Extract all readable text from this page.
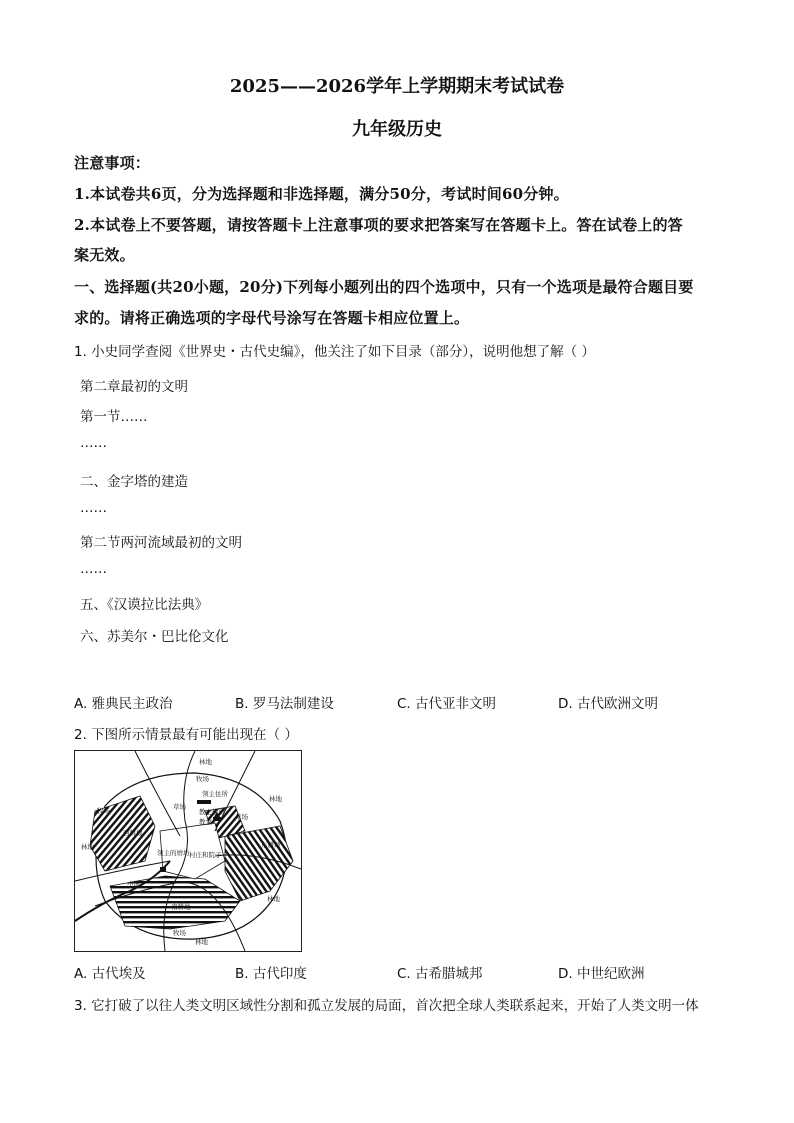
2025——2026学年上学期期末考试试卷
九年级历史
注意事项：
1.本试卷共6页，分为选择题和非选择题，满分50分，考试时间60分钟。
2.本试卷上不要答题，请按答题卡上注意事项的要求把答案写在答题卡上。答在试卷上的答
案无效。
一、选择题(共20小题，20分)下列每小题列出的四个选项中，只有一个选项是最符合题目要
求的。请将正确选项的字母代号涂写在答题卡相应位置上。
1. 小史同学查阅《世界史・古代史编》，他关注了如下目录（部分），说明他想了解（ ）
第二章最初的文明
第一节……
……
二、金字塔的建造
……
第二节两河流域最初的文明
……
五、《汉谟拉比法典》
六、苏美尔・巴比伦文化
A. 雅典民主政治	B. 罗马法制建设	C. 古代亚非文明	D. 古代欧洲文明
2. 下图所示情景最有可能出现在（ ）
林地
牧场
领主住所
草场
教士住所
教堂
草场
林地
牧场
西耕地
林地
领主的磨坊 村庄和院子
东耕地
小溪
南耕地
林地
牧场
林地
A. 古代埃及	B. 古代印度	C. 古希腊城邦	D. 中世纪欧洲
3. 它打破了以往人类文明区域性分割和孤立发展的局面，首次把全球人类联系起来，开始了人类文明一体
